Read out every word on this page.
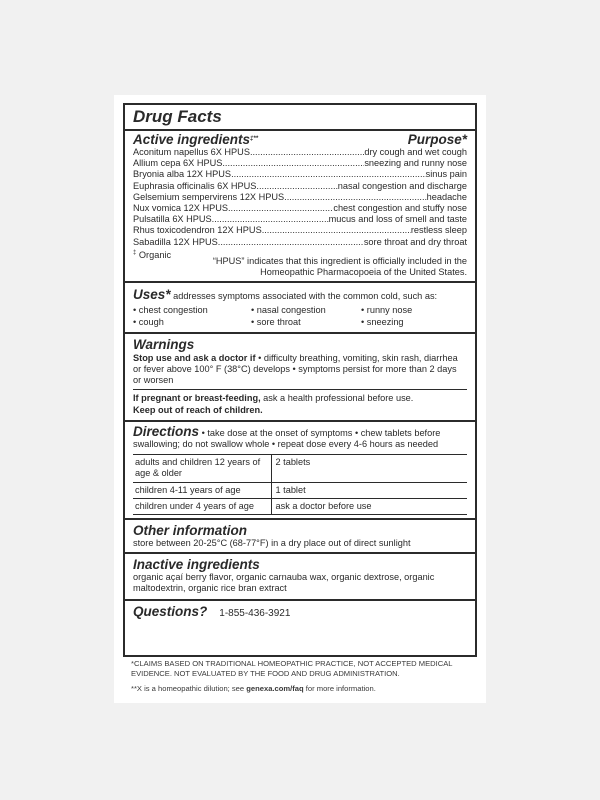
Drug Facts
Active ingredients‡**	Purpose*
Aconitum napellus 6X HPUS .....	dry cough and wet cough
Allium cepa 6X HPUS .....	sneezing and runny nose
Bryonia alba 12X HPUS .....	sinus pain
Euphrasia officinalis 6X HPUS .....	nasal congestion and discharge
Gelsemium sempervirens 12X HPUS .....	headache
Nux vomica 12X HPUS .....	chest congestion and stuffy nose
Pulsatilla 6X HPUS .....	mucus and loss of smell and taste
Rhus toxicodendron 12X HPUS .....	restless sleep
Sabadilla 12X HPUS .....	sore throat and dry throat
‡ Organic
“HPUS” indicates that this ingredient is officially included in the Homeopathic Pharmacopoeia of the United States.
Uses* addresses symptoms associated with the common cold, such as:
• chest congestion	• nasal congestion	• runny nose
• cough	• sore throat	• sneezing
Warnings
Stop use and ask a doctor if • difficulty breathing, vomiting, skin rash, diarrhea or fever above 100° F (38°C) develops • symptoms persist for more than 2 days or worsen
If pregnant or breast-feeding, ask a health professional before use.
Keep out of reach of children.
Directions • take dose at the onset of symptoms • chew tablets before swallowing; do not swallow whole • repeat dose every 4-6 hours as needed
adults and children 12 years of age & older	2 tablets
children 4-11 years of age	1 tablet
children under 4 years of age	ask a doctor before use
Other information
store between 20-25°C (68-77°F) in a dry place out of direct sunlight
Inactive ingredients
organic açaí berry flavor, organic carnauba wax, organic dextrose, organic maltodextrin, organic rice bran extract
Questions? 1-855-436-3921
*CLAIMS BASED ON TRADITIONAL HOMEOPATHIC PRACTICE, NOT ACCEPTED MEDICAL EVIDENCE. NOT EVALUATED BY THE FOOD AND DRUG ADMINISTRATION.
**X is a homeopathic dilution; see genexa.com/faq for more information.
